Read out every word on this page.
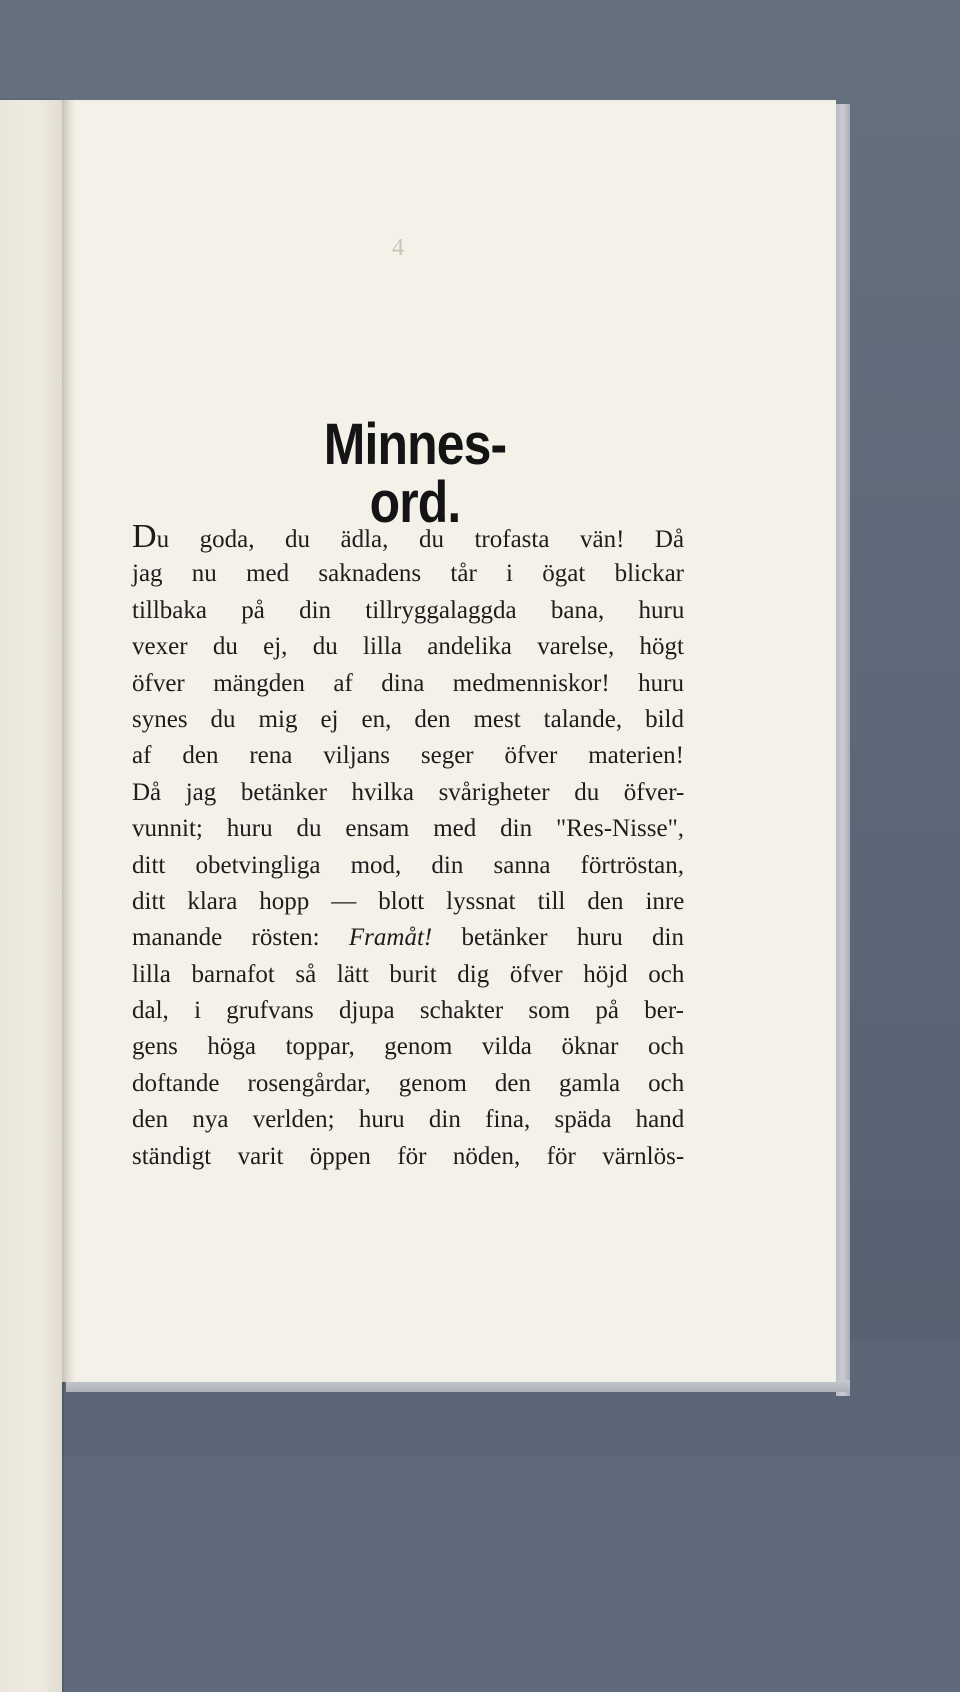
4
Minnes-ord.
Du goda, du ädla, du trofasta vän! Då
jag nu med saknadens tår i ögat blickar
tillbaka på din tillryggalaggda bana, huru
vexer du ej, du lilla andelika varelse, högt
öfver mängden af dina medmenniskor! huru
synes du mig ej en, den mest talande, bild
af den rena viljans seger öfver materien!
Då jag betänker hvilka svårigheter du öfver-
vunnit; huru du ensam med din "Res-Nisse",
ditt obetvingliga mod, din sanna förtröstan,
ditt klara hopp — blott lyssnat till den inre
manande rösten: Framåt! betänker huru din
lilla barnafot så lätt burit dig öfver höjd och
dal, i grufvans djupa schakter som på ber-
gens höga toppar, genom vilda öknar och
doftande rosengårdar, genom den gamla och
den nya verlden; huru din fina, späda hand
ständigt varit öppen för nöden, för värnlös-
